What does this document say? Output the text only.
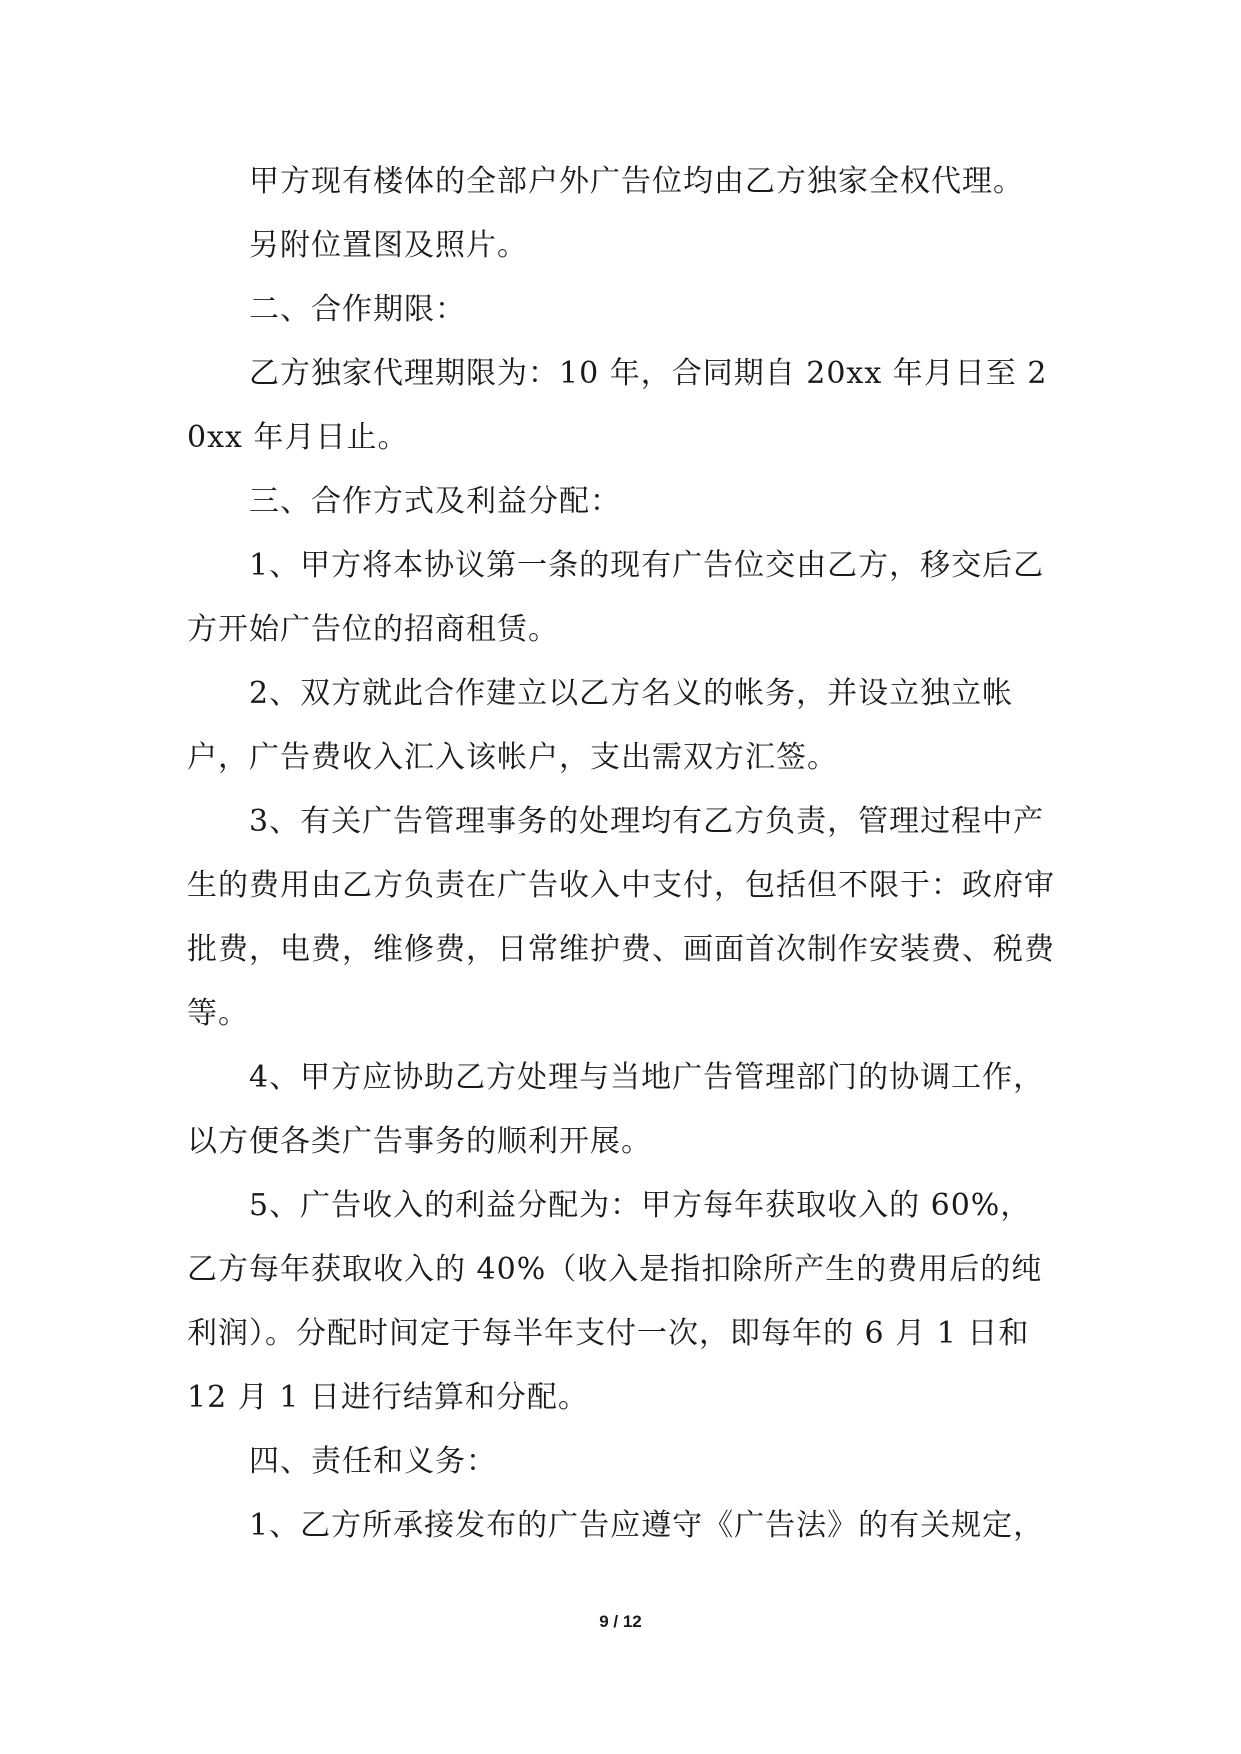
甲方现有楼体的全部户外广告位均由乙方独家全权代理。

另附位置图及照片。

二、合作期限：

乙方独家代理期限为：10 年，合同期自 20xx 年月日至 20xx 年月日止。

三、合作方式及利益分配：

1、甲方将本协议第一条的现有广告位交由乙方，移交后乙方开始广告位的招商租赁。

2、双方就此合作建立以乙方名义的帐务，并设立独立帐户，广告费收入汇入该帐户，支出需双方汇签。

3、有关广告管理事务的处理均有乙方负责，管理过程中产生的费用由乙方负责在广告收入中支付，包括但不限于：政府审批费，电费，维修费，日常维护费、画面首次制作安装费、税费等。

4、甲方应协助乙方处理与当地广告管理部门的协调工作，以方便各类广告事务的顺利开展。

5、广告收入的利益分配为：甲方每年获取收入的 60%，乙方每年获取收入的 40%（收入是指扣除所产生的费用后的纯利润）。分配时间定于每半年支付一次，即每年的 6 月 1 日和 12 月 1 日进行结算和分配。

四、责任和义务：

1、乙方所承接发布的广告应遵守《广告法》的有关规定，

9 / 12
